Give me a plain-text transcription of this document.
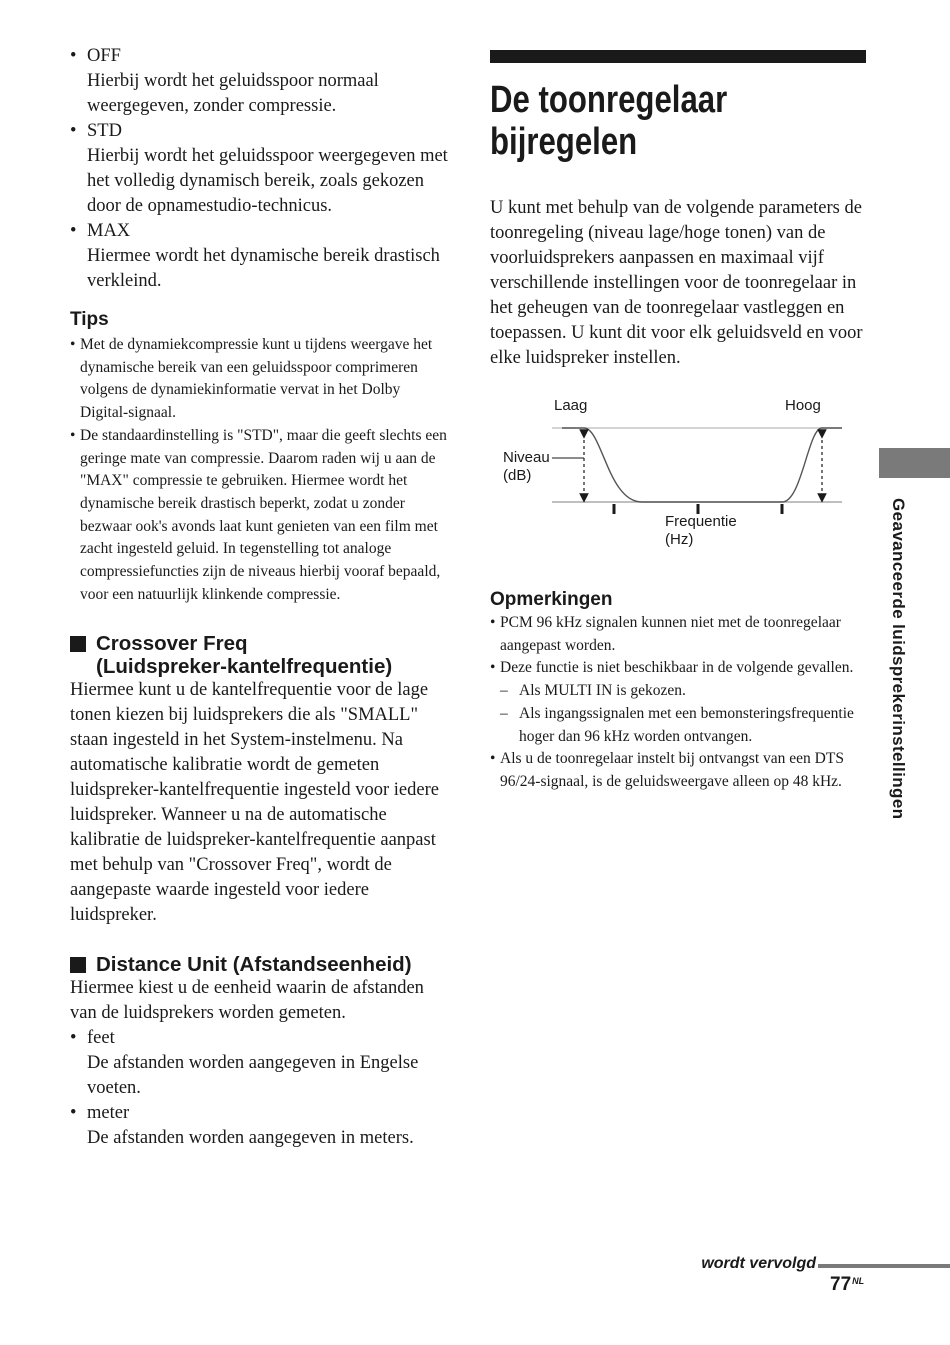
• OFF

Hierbij wordt het geluidsspoor normaal weergegeven, zonder compressie.

• STD

Hierbij wordt het geluidsspoor weergegeven met het volledig dynamisch bereik, zoals gekozen door de opnamestudio-technicus.

• MAX

Hiermee wordt het dynamische bereik drastisch verkleind.

Tips

• Met de dynamiekcompressie kunt u tijdens weergave het dynamische bereik van een geluidsspoor comprimeren volgens de dynamiekinformatie vervat in het Dolby Digital-signaal.
• De standaardinstelling is "STD", maar die geeft slechts een geringe mate van compressie. Daarom raden wij u aan de "MAX" compressie te gebruiken. Hiermee wordt het dynamische bereik drastisch beperkt, zodat u zonder bezwaar ook's avonds laat kunt genieten van een film met zacht ingesteld geluid. In tegenstelling tot analoge compressiefuncties zijn de niveaus hierbij vooraf bepaald, voor een natuurlijk klinkende compressie.
Crossover Freq
(Luidspreker-kantelfrequentie)

Hiermee kunt u de kantelfrequentie voor de lage tonen kiezen bij luidsprekers die als "SMALL" staan ingesteld in het System-instelmenu. Na automatische kalibratie wordt de gemeten luidspreker-kantelfrequentie ingesteld voor iedere luidspreker. Wanneer u na de automatische kalibratie de luidspreker-kantelfrequentie aanpast met behulp van "Crossover Freq", wordt de aangepaste waarde ingesteld voor iedere luidspreker.

Distance Unit (Afstandseenheid)

Hiermee kiest u de eenheid waarin de afstanden van de luidsprekers worden gemeten.

• feet

De afstanden worden aangegeven in Engelse voeten.

• meter

De afstanden worden aangegeven in meters.

De toonregelaar
bijregelen

U kunt met behulp van de volgende parameters de toonregeling (niveau lage/hoge tonen) van de voorluidsprekers aanpassen en maximaal vijf verschillende instellingen voor de toonregelaar in het geheugen van de toonregelaar vastleggen en toepassen. U kunt dit voor elk geluidsveld en voor elke luidspreker instellen.

Laag	Hoog
Niveau
(dB)
Frequentie
(Hz)

Opmerkingen

• PCM 96 kHz signalen kunnen niet met de toonregelaar aangepast worden.
• Deze functie is niet beschikbaar in de volgende gevallen.
– Als MULTI IN is gekozen.
– Als ingangssignalen met een bemonsteringsfrequentie hoger dan 96 kHz worden ontvangen.
• Als u de toonregelaar instelt bij ontvangst van een DTS 96/24-signaal, is de geluidsweergave alleen op 48 kHz.	Geavanceerde luidsprekerinstellingen
wordt vervolgd
$77^{NL}$
